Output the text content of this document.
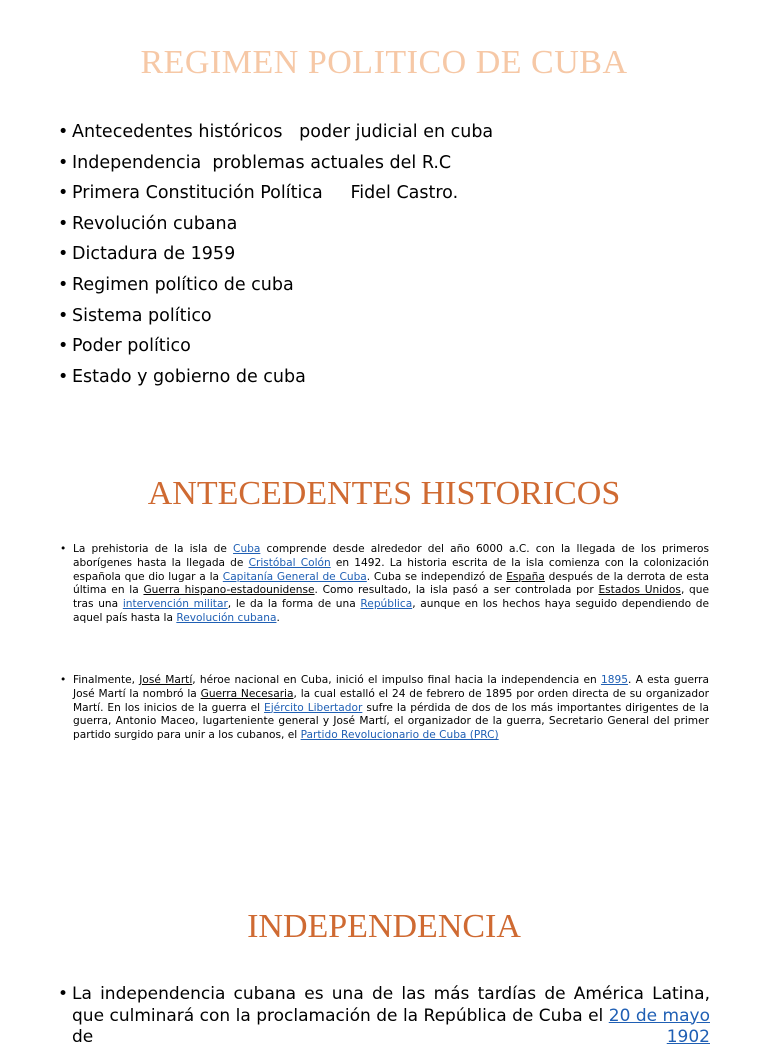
REGIMEN POLITICO DE CUBA
• Antecedentes históricos   poder judicial en cuba
• Independencia  problemas actuales del R.C
• Primera Constitución Política     Fidel Castro.
• Revolución cubana
• Dictadura de 1959
• Regimen político de cuba
• Sistema político
• Poder político
• Estado y gobierno de cuba
ANTECEDENTES HISTORICOS
• La prehistoria de la isla de Cuba comprende desde alrededor del año 6000 a.C. con la llegada de los primeros aborígenes hasta la llegada de Cristóbal Colón en 1492. La historia escrita de la isla comienza con la colonización española que dio lugar a la Capitanía General de Cuba. Cuba se independizó de España después de la derrota de esta última en la Guerra hispano-estadounidense. Como resultado, la isla pasó a ser controlada por Estados Unidos, que tras una intervención militar, le da la forma de una República, aunque en los hechos haya seguido dependiendo de aquel país hasta la Revolución cubana.
• Finalmente, José Martí, héroe nacional en Cuba, inició el impulso final hacia la independencia en 1895. A esta guerra José Martí la nombró la Guerra Necesaria, la cual estalló el 24 de febrero de 1895 por orden directa de su organizador Martí. En los inicios de la guerra el Ejército Libertador sufre la pérdida de dos de los más importantes dirigentes de la guerra, Antonio Maceo, lugarteniente general y José Martí, el organizador de la guerra, Secretario General del primer partido surgido para unir a los cubanos, el Partido Revolucionario de Cuba (PRC)
INDEPENDENCIA
• La independencia cubana es una de las más tardías de América Latina, que culminará con la proclamación de la República de Cuba el 20 de mayo de 1902
